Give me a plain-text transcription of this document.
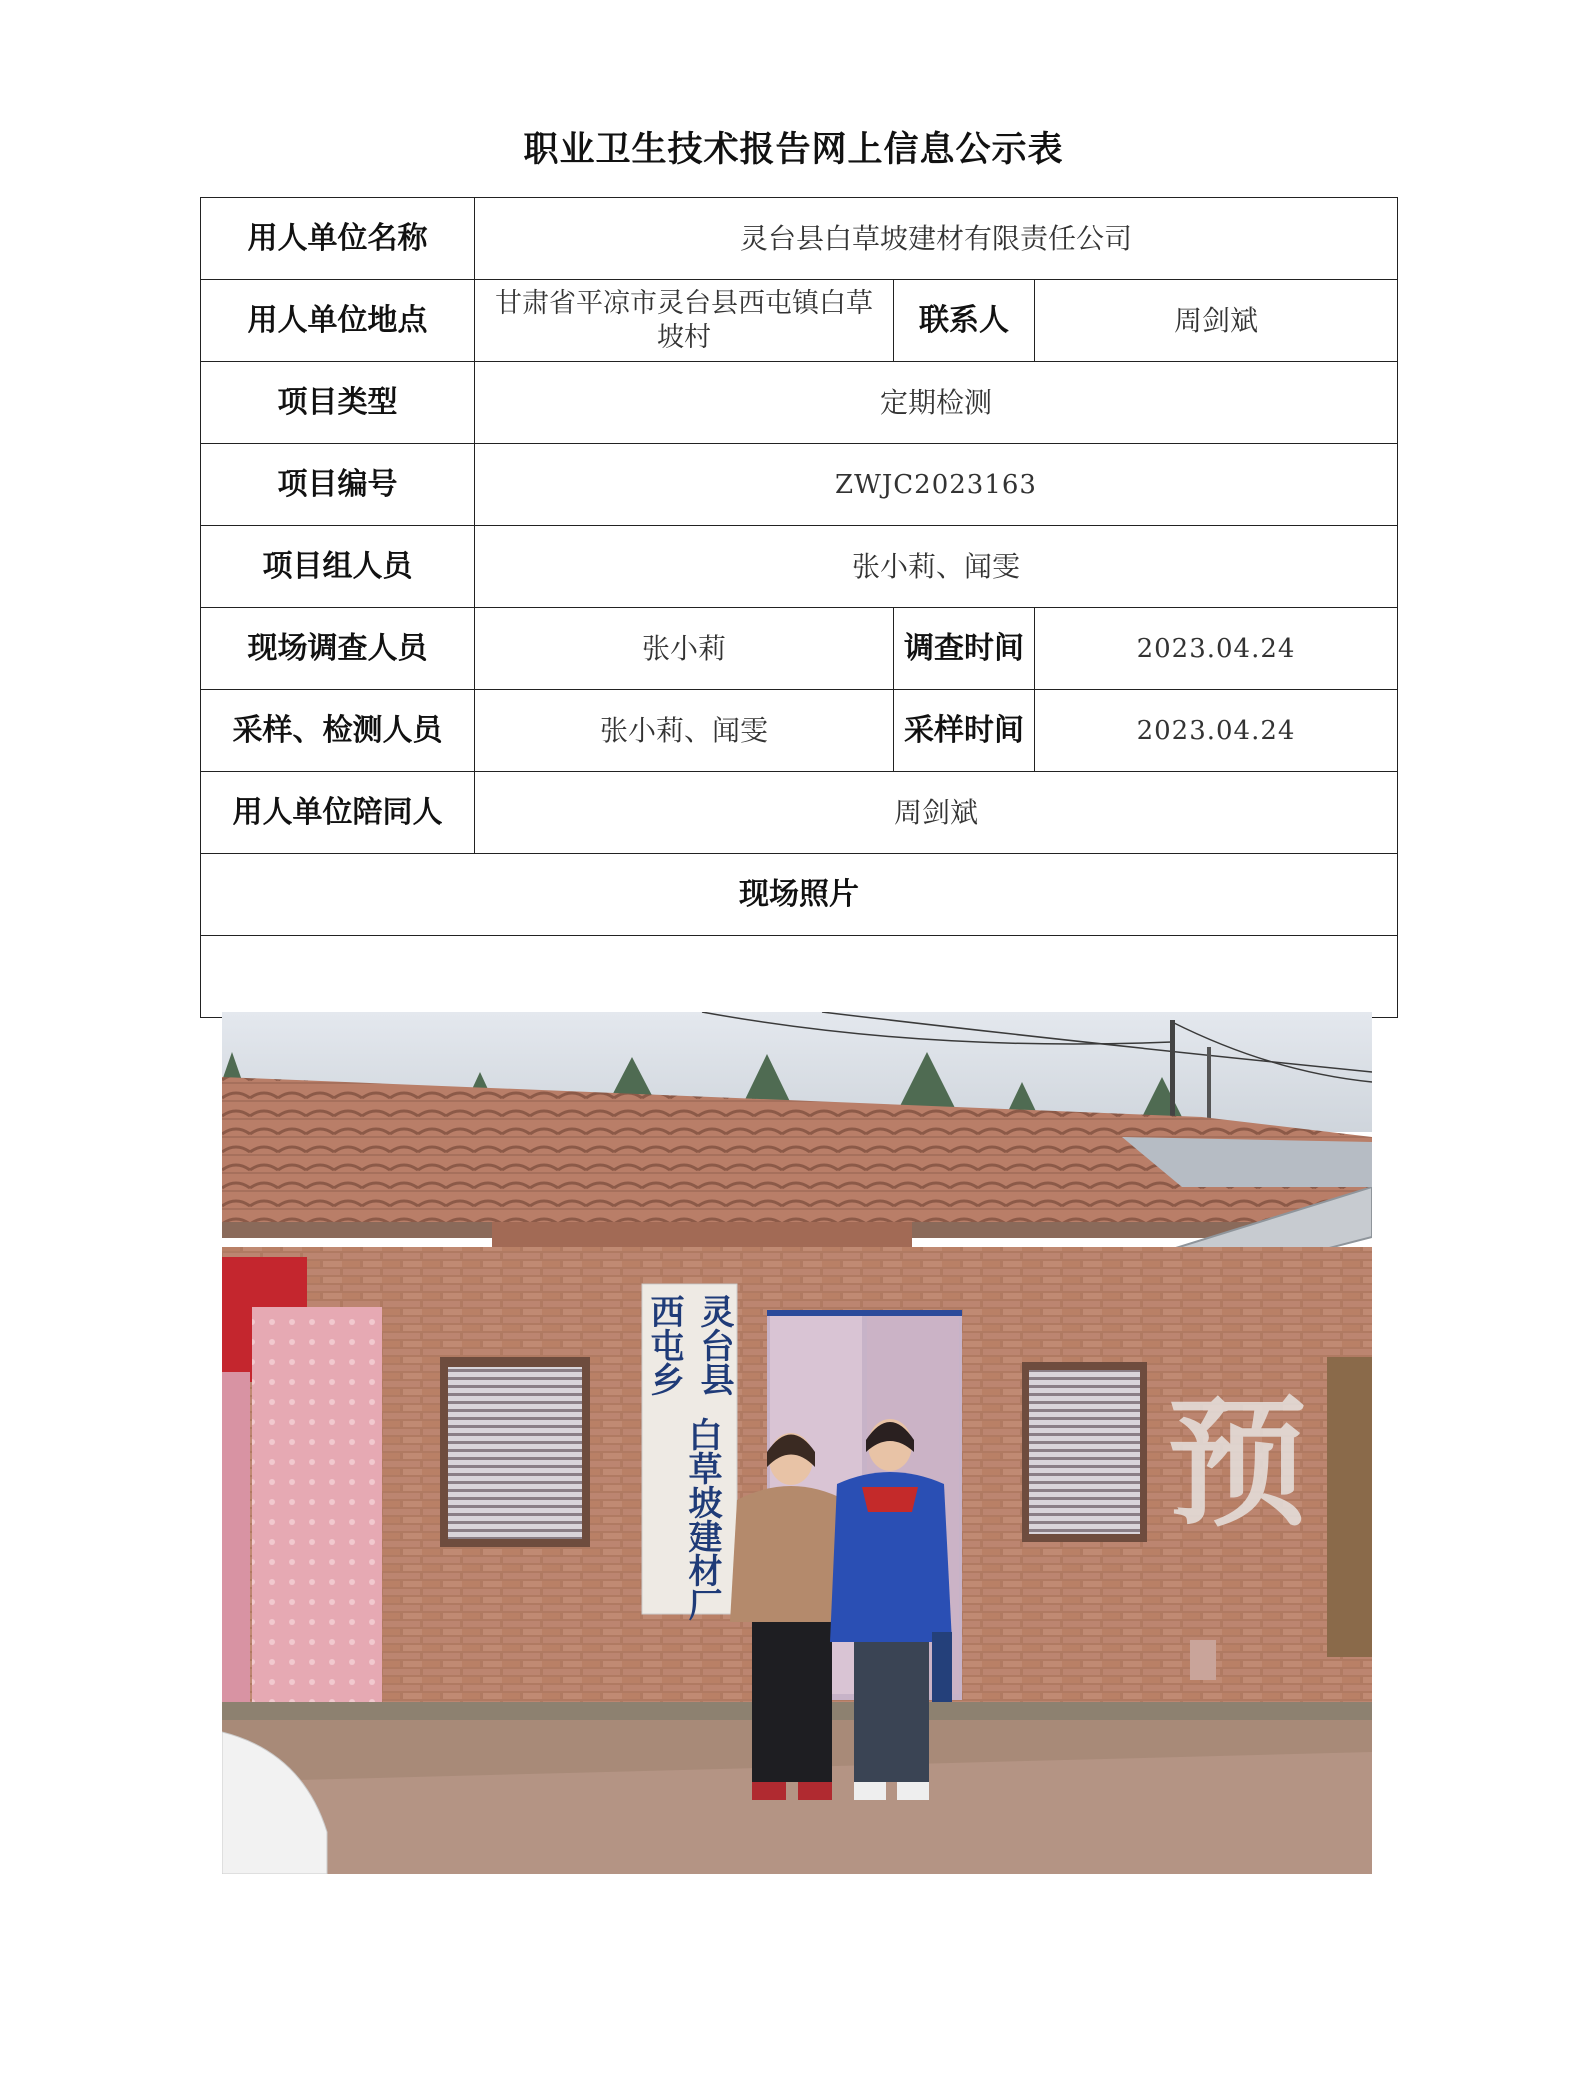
职业卫生技术报告网上信息公示表
用人单位名称	灵台县白草坡建材有限责任公司		
用人单位地点	甘肃省平凉市灵台县西屯镇白草坡村	联系人	周剑斌
项目类型	定期检测		
项目编号	ZWJC2023163		
项目组人员	张小莉、闻雯		
现场调查人员	张小莉	调查时间	2023.04.24
采样、检测人员	张小莉、闻雯	采样时间	2023.04.24
用人单位陪同人	周剑斌		
现场照片			

西屯乡 灵台县
白草坡建材厂	预
